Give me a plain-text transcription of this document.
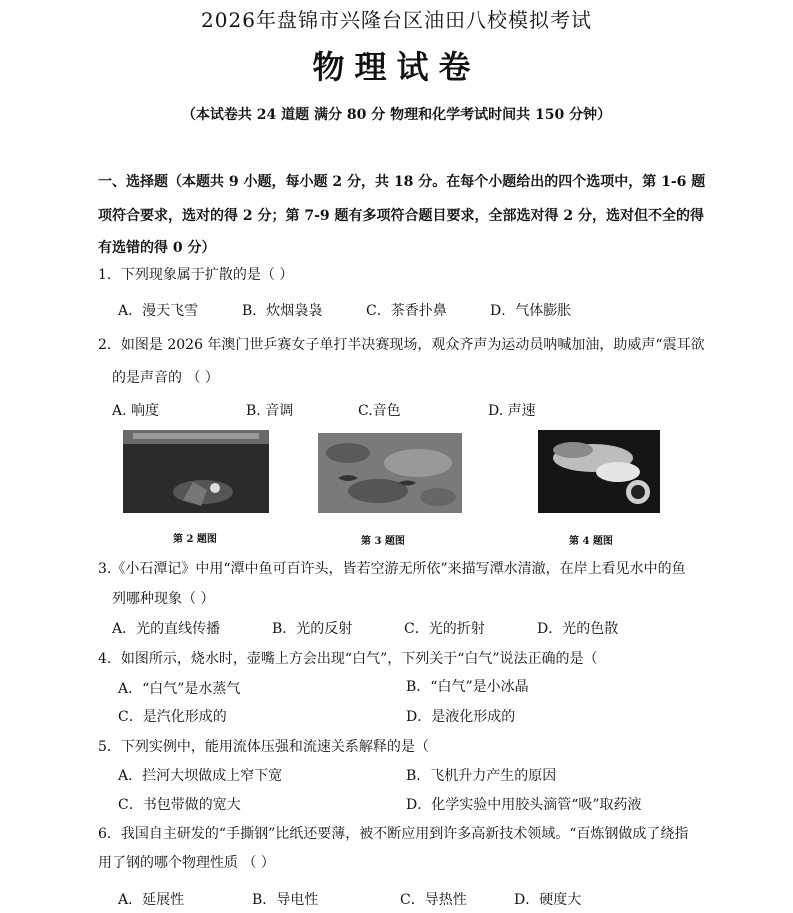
2026年盘锦市兴隆台区油田八校模拟考试
物理试卷
（本试卷共 24 道题 满分 80 分 物理和化学考试时间共 150 分钟）
一、选择题（本题共 9 小题，每小题 2 分，共 18 分。在每个小题给出的四个选项中，第 1-6 题
项符合要求，选对的得 2 分；第 7-9 题有多项符合题目要求，全部选对得 2 分，选对但不全的得
有选错的得 0 分）
1．下列现象属于扩散的是（ ）
A．漫天飞雪	B．炊烟袅袅	C．茶香扑鼻	D．气体膨胀
2．如图是 2026 年澳门世乒赛女子单打半决赛现场，观众齐声为运动员呐喊加油，助威声“震耳欲
的是声音的 （ ）
A. 响度	B. 音调	C.音色	D. 声速
第 2 题图	第 3 题图	第 4 题图
3.《小石潭记》中用“潭中鱼可百许头，皆若空游无所依”来描写潭水清澈，在岸上看见水中的鱼
列哪种现象（ ）
A．光的直线传播	B．光的反射	C．光的折射	D．光的色散
4．如图所示，烧水时，壶嘴上方会出现“白气”，下列关于“白气”说法正确的是（
A．“白气”是水蒸气	B．“白气”是小冰晶
C．是汽化形成的	D．是液化形成的
5．下列实例中，能用流体压强和流速关系解释的是（
A．拦河大坝做成上窄下宽	B．飞机升力产生的原因
C．书包带做的宽大	D．化学实验中用胶头滴管“吸”取药液
6．我国自主研发的“手撕钢”比纸还要薄，被不断应用到许多高新技术领域。“百炼钢做成了绕指
用了钢的哪个物理性质 （ ）
A．延展性	B．导电性	C．导热性	D．硬度大
